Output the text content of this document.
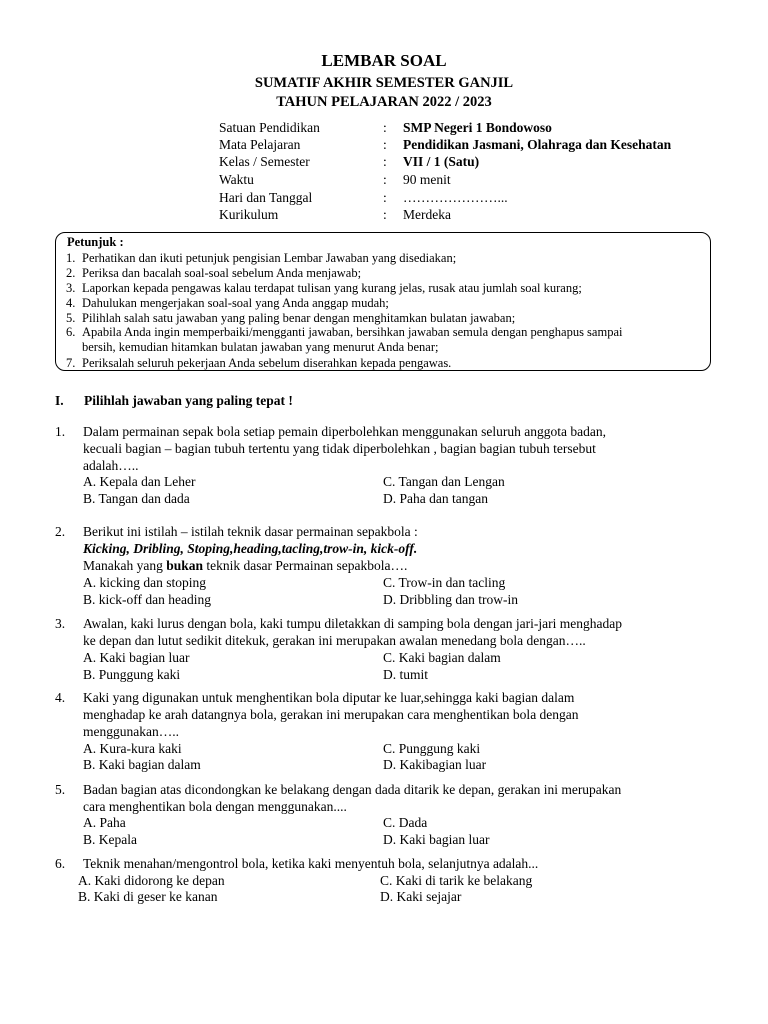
LEMBAR SOAL
SUMATIF AKHIR SEMESTER GANJIL
TAHUN PELAJARAN 2022 / 2023
Satuan Pendidikan	: SMP Negeri 1 Bondowoso
Mata Pelajaran	: Pendidikan Jasmani, Olahraga dan Kesehatan
Kelas / Semester	: VII / 1 (Satu)
Waktu	: 90 menit
Hari dan Tanggal	: …………………...
Kurikulum	: Merdeka
Petunjuk :
1. Perhatikan dan ikuti petunjuk pengisian Lembar Jawaban yang disediakan;
2. Periksa dan bacalah soal-soal sebelum Anda menjawab;
3. Laporkan kepada pengawas kalau terdapat tulisan yang kurang jelas, rusak atau jumlah soal kurang;
4. Dahulukan mengerjakan soal-soal yang Anda anggap mudah;
5. Pilihlah salah satu jawaban yang paling benar dengan menghitamkan bulatan jawaban;
6. Apabila Anda ingin memperbaiki/mengganti jawaban, bersihkan jawaban semula dengan penghapus sampai
bersih, kemudian hitamkan bulatan jawaban yang menurut Anda benar;
7. Periksalah seluruh pekerjaan Anda sebelum diserahkan kepada pengawas.
I. Pilihlah jawaban yang paling tepat !
1. Dalam permainan sepak bola setiap pemain diperbolehkan menggunakan seluruh anggota badan,
kecuali bagian – bagian tubuh tertentu yang tidak diperbolehkan , bagian bagian tubuh tersebut
adalah…..
A. Kepala dan Leher	C. Tangan dan Lengan
B. Tangan dan dada	D. Paha dan tangan
2. Berikut ini istilah – istilah teknik dasar permainan sepakbola :
Kicking, Dribling, Stoping,heading,tacling,trow-in, kick-off.
Manakah yang bukan teknik dasar Permainan sepakbola….
A. kicking dan stoping	C. Trow-in dan tacling
B. kick-off dan heading	D. Dribbling dan trow-in
3. Awalan, kaki lurus dengan bola, kaki tumpu diletakkan di samping bola dengan jari-jari menghadap
ke depan dan lutut sedikit ditekuk, gerakan ini merupakan awalan menedang bola dengan…..
A. Kaki bagian luar	C. Kaki bagian dalam
B. Punggung kaki	D. tumit
4. Kaki yang digunakan untuk menghentikan bola diputar ke luar,sehingga kaki bagian dalam
menghadap ke arah datangnya bola, gerakan ini merupakan cara menghentikan bola dengan
menggunakan…..
A. Kura-kura kaki	C. Punggung kaki
B. Kaki bagian dalam	D. Kakibagian luar
5. Badan bagian atas dicondongkan ke belakang dengan dada ditarik ke depan, gerakan ini merupakan
cara menghentikan bola dengan menggunakan....
A. Paha	C. Dada
B. Kepala	D. Kaki bagian luar
6. Teknik menahan/mengontrol bola, ketika kaki menyentuh bola, selanjutnya adalah...
A. Kaki didorong ke depan	C. Kaki di tarik ke belakang
B. Kaki di geser ke kanan	D. Kaki sejajar
